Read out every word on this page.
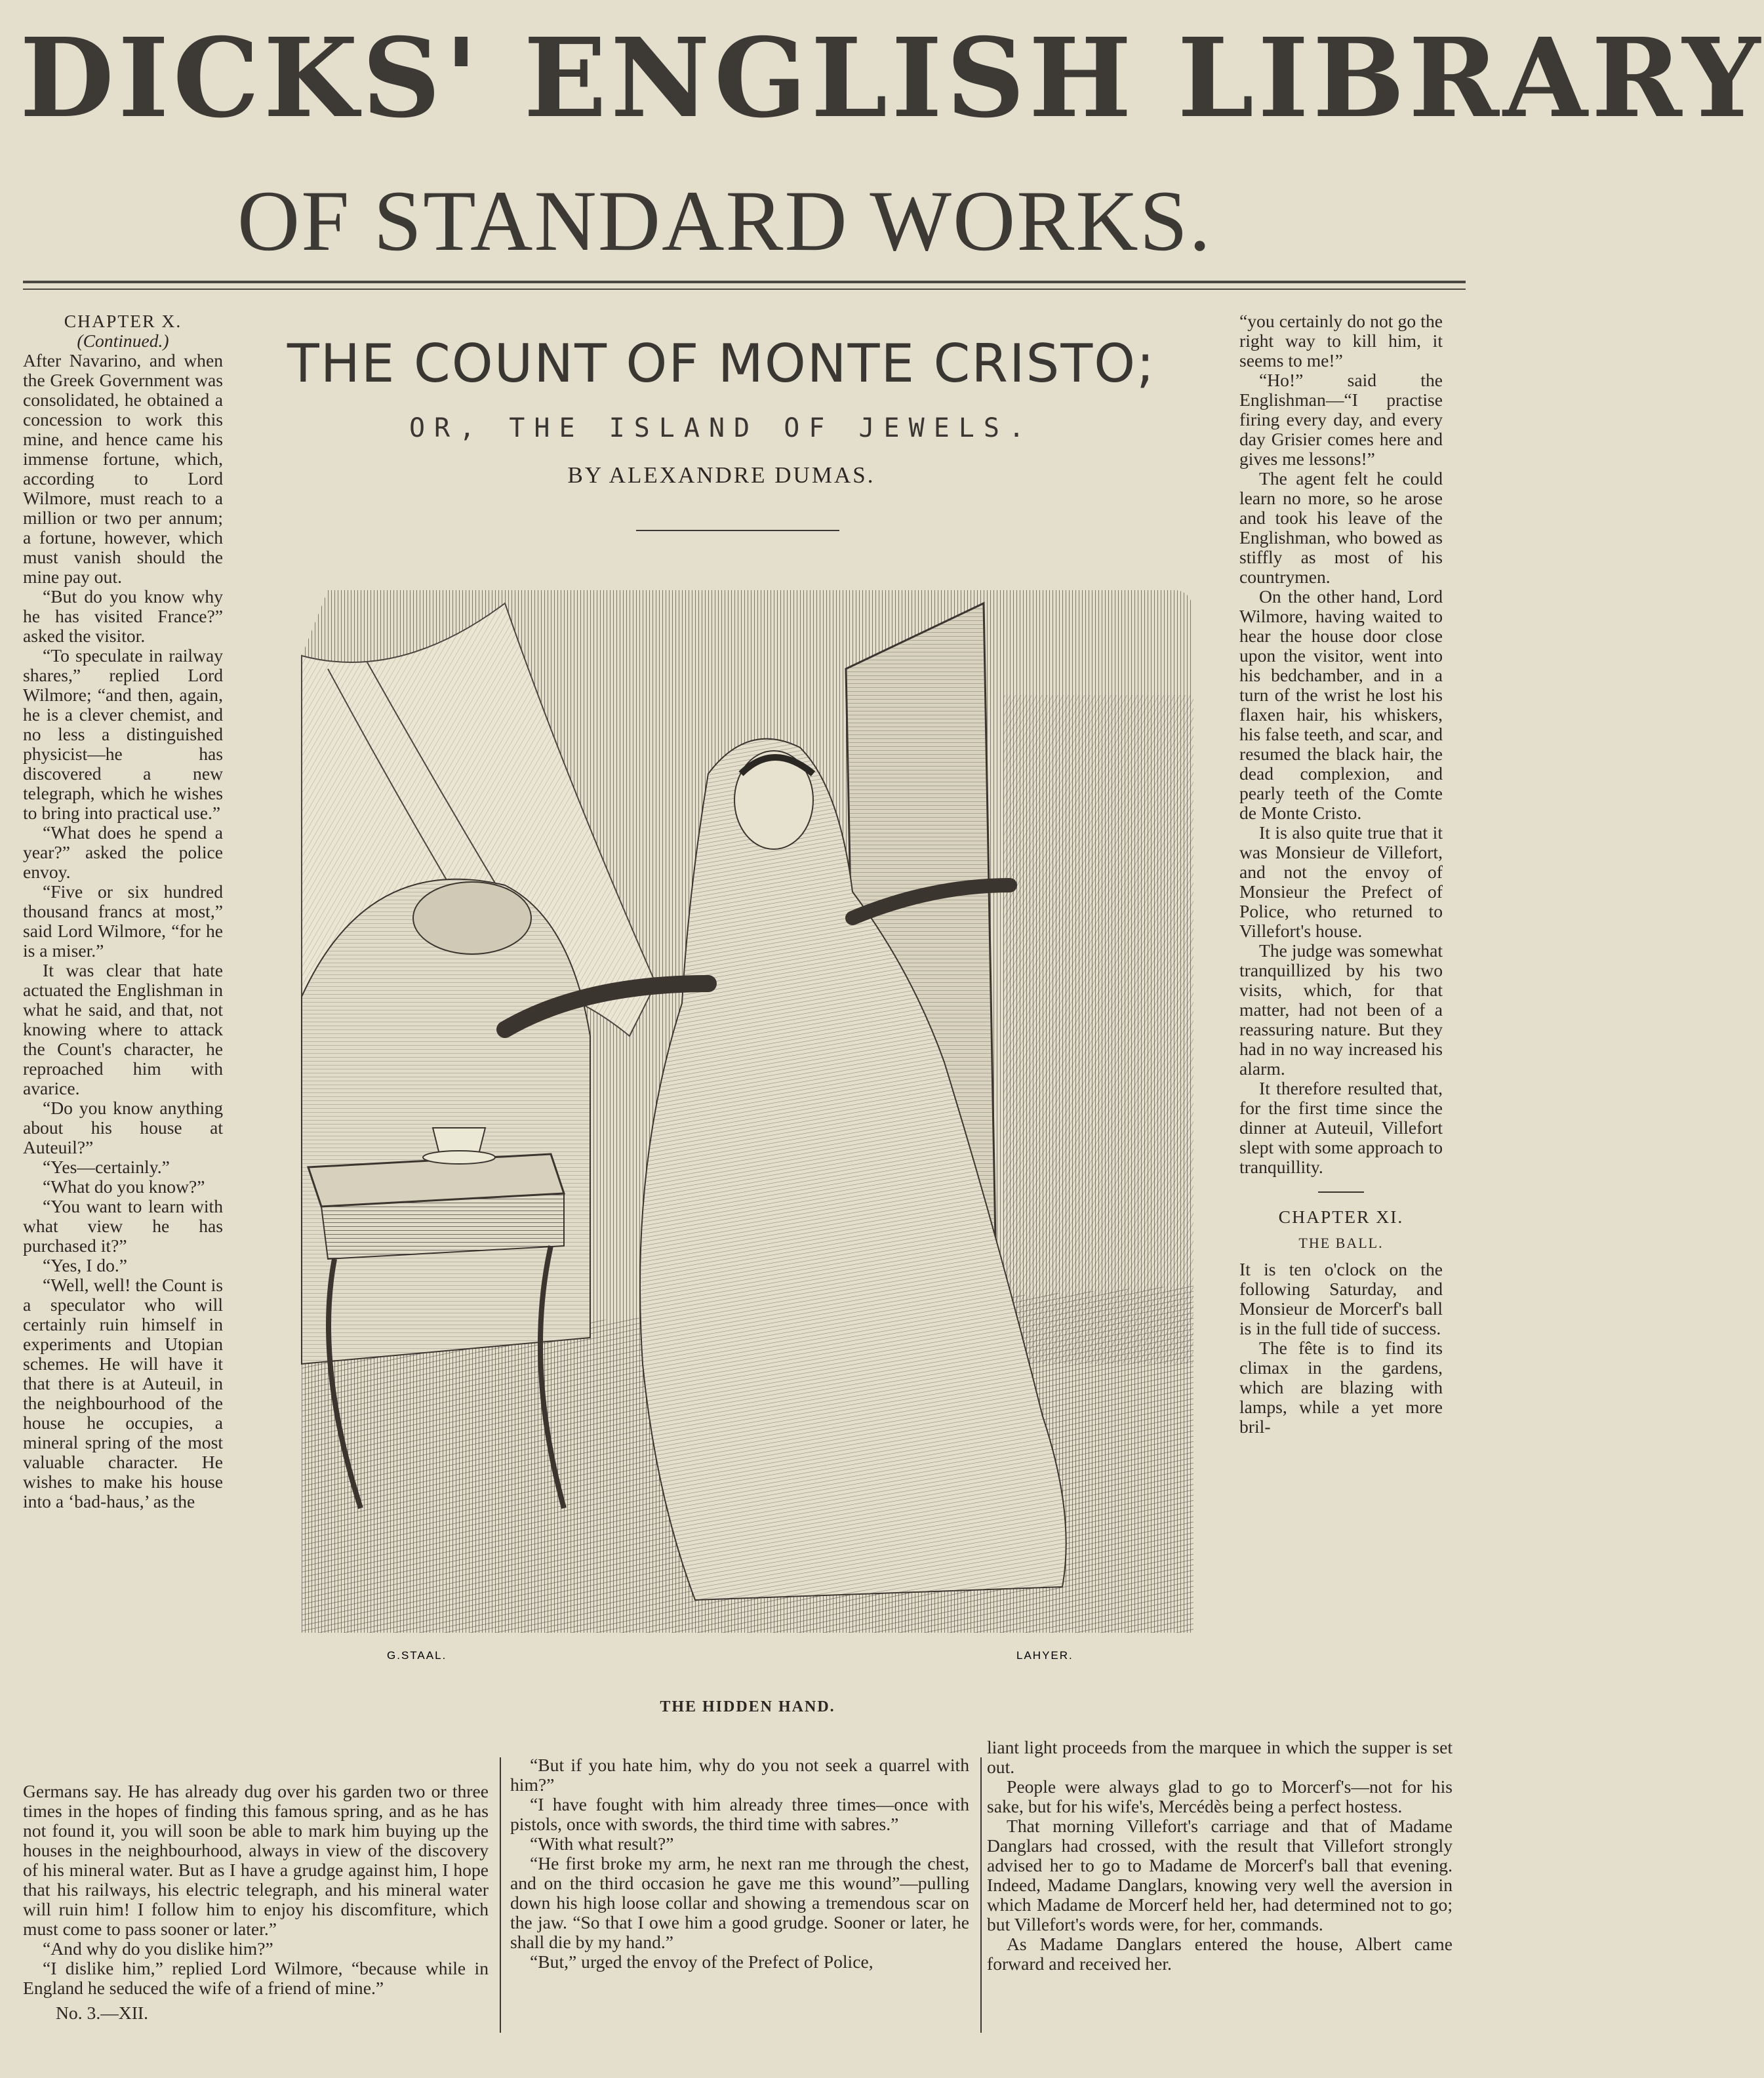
DICKS' ENGLISH LIBRARY
OF STANDARD WORKS.
THE COUNT OF MONTE CRISTO;
OR, THE ISLAND OF JEWELS.
BY ALEXANDRE DUMAS.
G.STAAL.	LAHYER.
THE HIDDEN HAND.

CHAPTER X.

(Continued.)

After Navarino, and when the Greek Government was consolidated, he obtained a concession to work this mine, and hence came his immense fortune, which, according to Lord Wilmore, must reach to a million or two per annum; a fortune, however, which must vanish should the mine pay out.

“But do you know why he has visited France?” asked the visitor.

“To speculate in railway shares,” replied Lord Wilmore; “and then, again, he is a clever chemist, and no less a distinguished physicist—he has discovered a new telegraph, which he wishes to bring into practical use.”

“What does he spend a year?” asked the police envoy.

“Five or six hundred thousand francs at most,” said Lord Wilmore, “for he is a miser.”

It was clear that hate actuated the Englishman in what he said, and that, not knowing where to attack the Count's character, he reproached him with avarice.

“Do you know anything about his house at Auteuil?”

“Yes—certainly.”

“What do you know?”

“You want to learn with what view he has purchased it?”

“Yes, I do.”

“Well, well! the Count is a speculator who will certainly ruin himself in experiments and Utopian schemes. He will have it that there is at Auteuil, in the neighbourhood of the house he occupies, a mineral spring of the most valuable character. He wishes to make his house into a ‘bad-haus,’ as the

Germans say. He has already dug over his garden two or three times in the hopes of finding this famous spring, and as he has not found it, you will soon be able to mark him buying up the houses in the neighbourhood, always in view of the discovery of his mineral water. But as I have a grudge against him, I hope that his railways, his electric telegraph, and his mineral water will ruin him! I follow him to enjoy his discomfiture, which must come to pass sooner or later.”

“And why do you dislike him?”

“I dislike him,” replied Lord Wilmore, “because while in England he seduced the wife of a friend of mine.”

No. 3.—XII.

“But if you hate him, why do you not seek a quarrel with him?”

“I have fought with him already three times—once with pistols, once with swords, the third time with sabres.”

“With what result?”

“He first broke my arm, he next ran me through the chest, and on the third occasion he gave me this wound”—pulling down his high loose collar and showing a tremendous scar on the jaw. “So that I owe him a good grudge. Sooner or later, he shall die by my hand.”

“But,” urged the envoy of the Prefect of Police,

“you certainly do not go the right way to kill him, it seems to me!”

“Ho!” said the Englishman—“I practise firing every day, and every day Grisier comes here and gives me lessons!”

The agent felt he could learn no more, so he arose and took his leave of the Englishman, who bowed as stiffly as most of his countrymen.

On the other hand, Lord Wilmore, having waited to hear the house door close upon the visitor, went into his bedchamber, and in a turn of the wrist he lost his flaxen hair, his whiskers, his false teeth, and scar, and resumed the black hair, the dead complexion, and pearly teeth of the Comte de Monte Cristo.

It is also quite true that it was Monsieur de Villefort, and not the envoy of Monsieur the Prefect of Police, who returned to Villefort's house.

The judge was somewhat tranquillized by his two visits, which, for that matter, had not been of a reassuring nature. But they had in no way increased his alarm.

It therefore resulted that, for the first time since the dinner at Auteuil, Villefort slept with some approach to tranquillity.

CHAPTER XI.

THE BALL.

It is ten o'clock on the following Saturday, and Monsieur de Morcerf's ball is in the full tide of success.

The fête is to find its climax in the gardens, which are blazing with lamps, while a yet more bril-

liant light proceeds from the marquee in which the supper is set out.

People were always glad to go to Morcerf's—not for his sake, but for his wife's, Mercédès being a perfect hostess.

That morning Villefort's carriage and that of Madame Danglars had crossed, with the result that Villefort strongly advised her to go to Madame de Morcerf's ball that evening. Indeed, Madame Danglars, knowing very well the aversion in which Madame de Morcerf held her, had determined not to go; but Villefort's words were, for her, commands.

As Madame Danglars entered the house, Albert came forward and received her.
